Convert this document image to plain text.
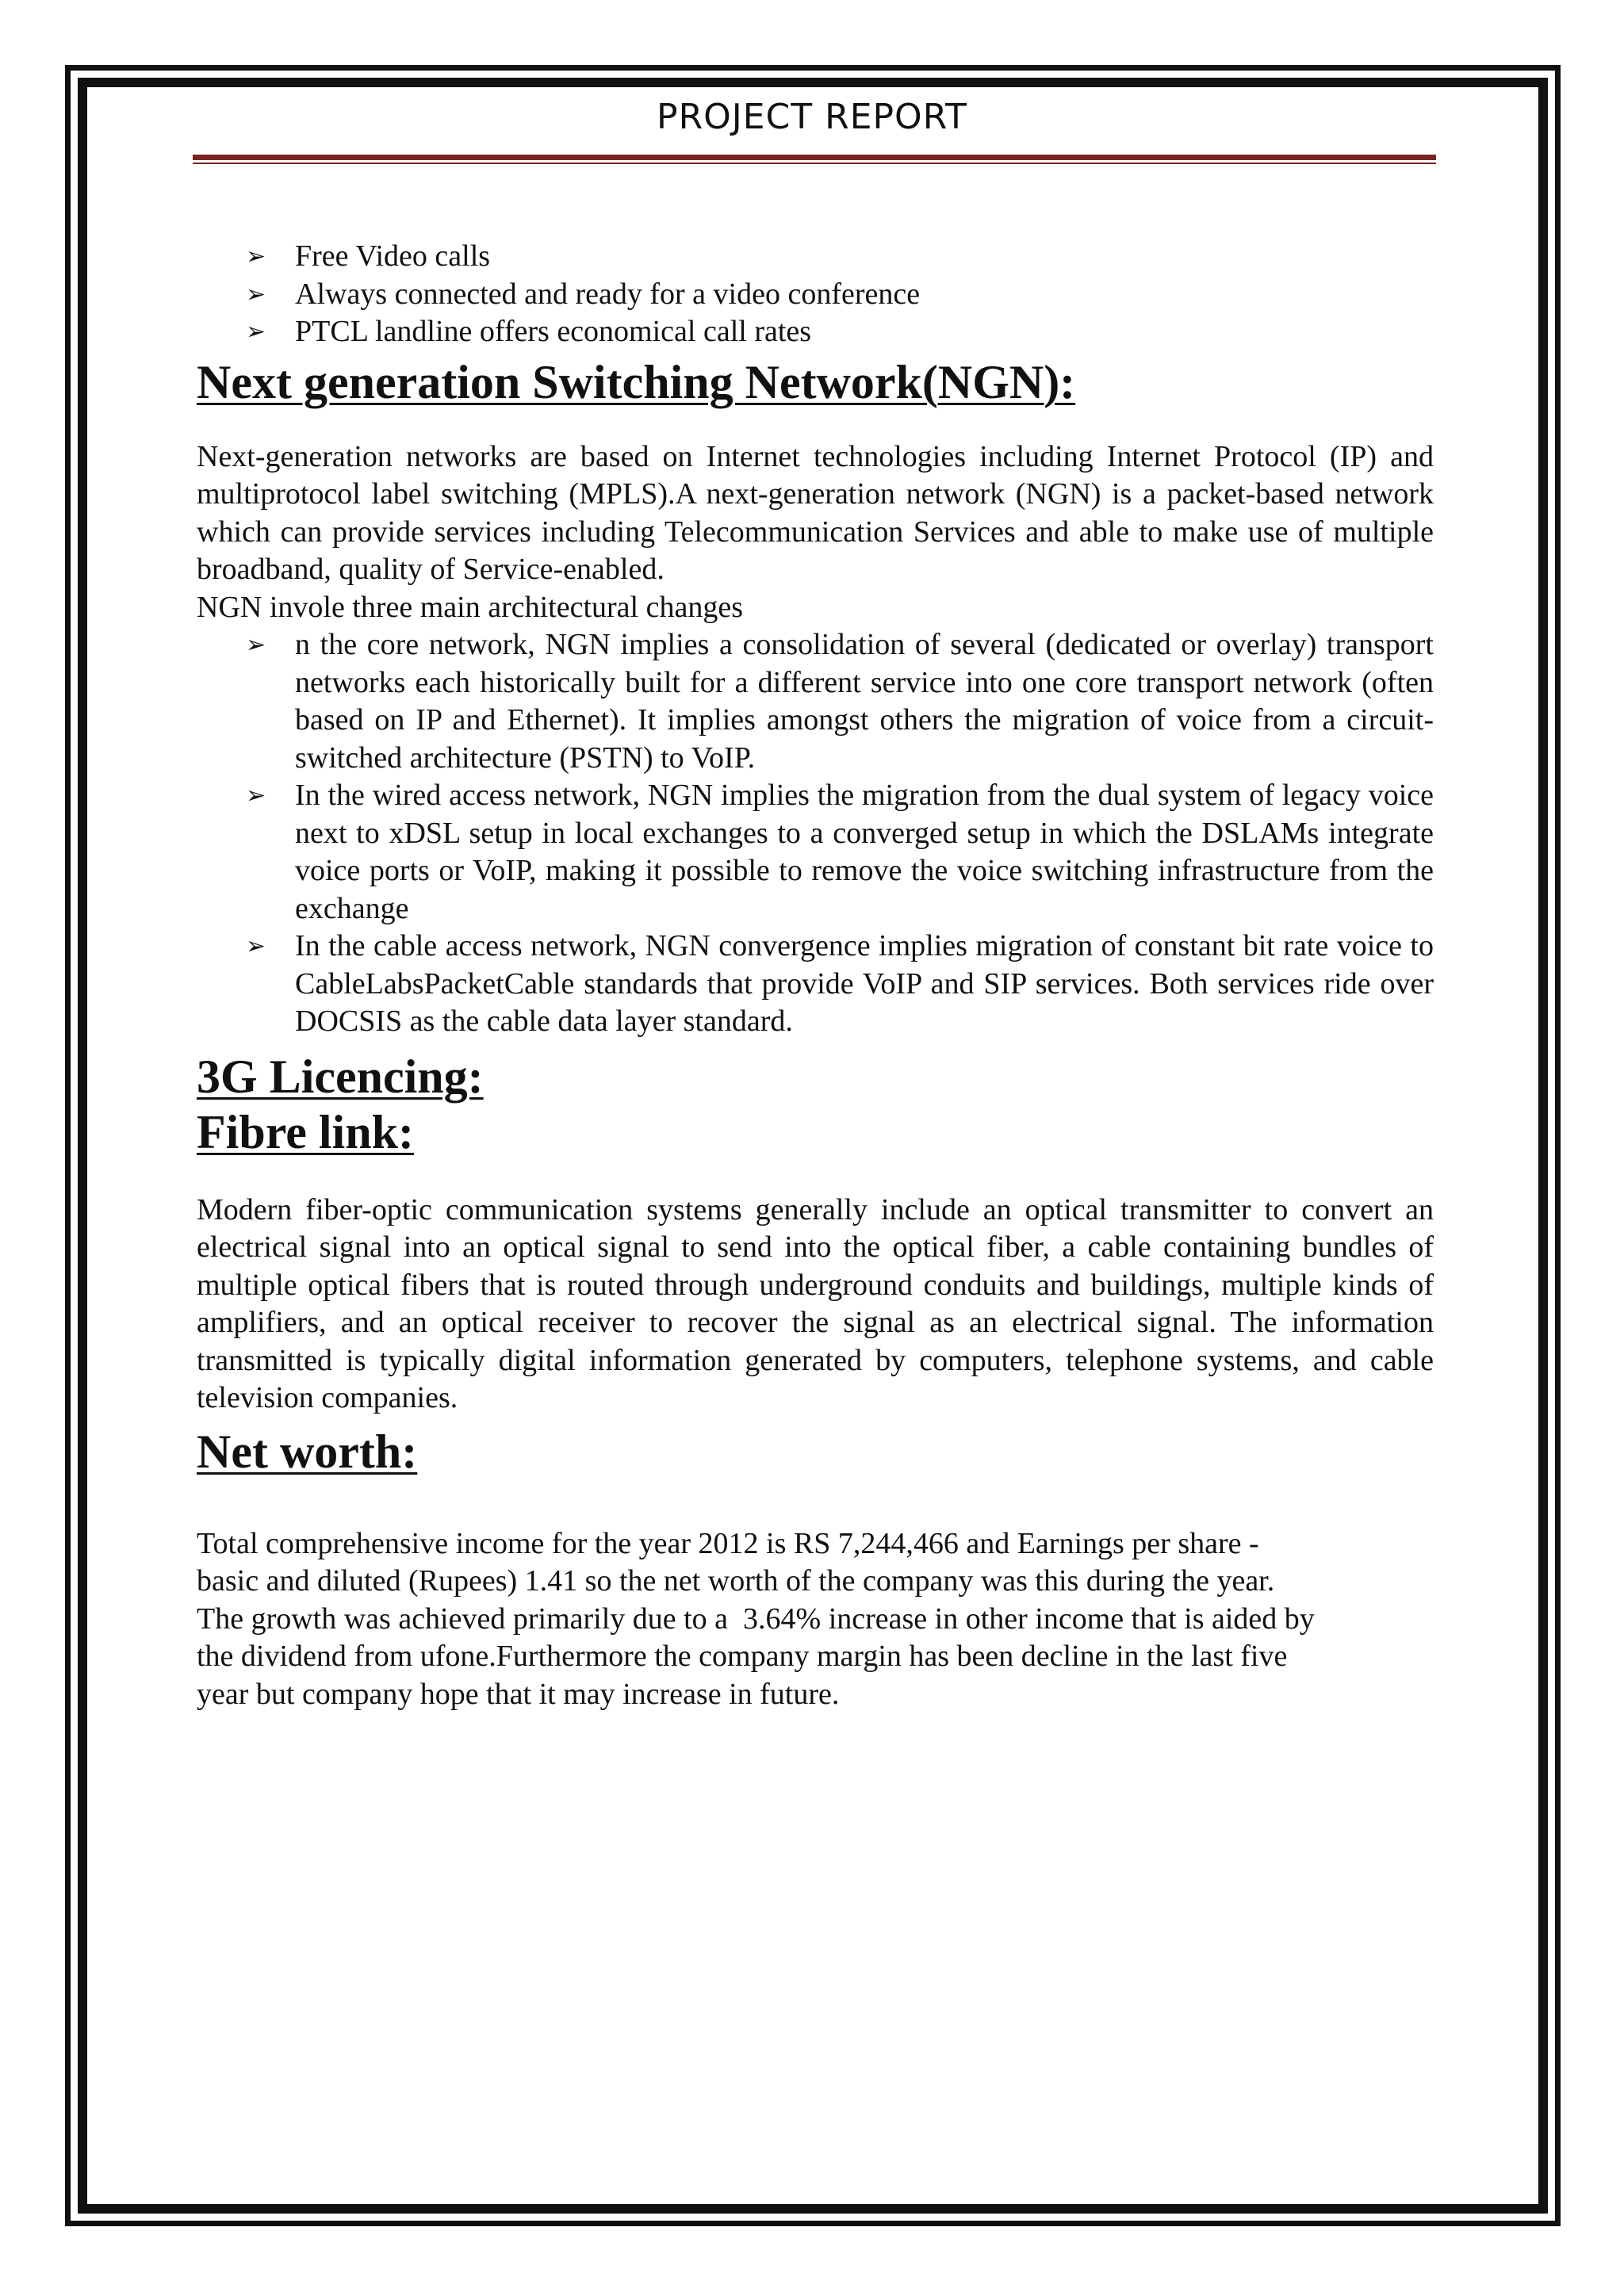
PROJECT REPORT
➢ Free Video calls
➢ Always connected and ready for a video conference
➢ PTCL landline offers economical call rates
Next generation Switching Network(NGN):

Next-generation networks are based on Internet technologies including Internet Protocol (IP) and multiprotocol label switching (MPLS).A next-generation network (NGN) is a packet-based network which can provide services including Telecommunication Services and able to make use of multiple broadband, quality of Service-enabled.

NGN invole three main architectural changes

➢ n the core network, NGN implies a consolidation of several (dedicated or overlay) transport networks each historically built for a different service into one core transport network (often based on IP and Ethernet). It implies amongst others the migration of voice from a circuit-switched architecture (PSTN) to VoIP.
➢ In the wired access network, NGN implies the migration from the dual system of legacy voice next to xDSL setup in local exchanges to a converged setup in which the DSLAMs integrate voice ports or VoIP, making it possible to remove the voice switching infrastructure from the exchange
➢ In the cable access network, NGN convergence implies migration of constant bit rate voice to CableLabsPacketCable standards that provide VoIP and SIP services. Both services ride over DOCSIS as the cable data layer standard.
3G Licencing:
Fibre link:

Modern fiber-optic communication systems generally include an optical transmitter to convert an electrical signal into an optical signal to send into the optical fiber, a cable containing bundles of multiple optical fibers that is routed through underground conduits and buildings, multiple kinds of amplifiers, and an optical receiver to recover the signal as an electrical signal. The information transmitted is typically digital information generated by computers, telephone systems, and cable television companies.

Net worth:
Total comprehensive income for the year 2012 is RS 7,244,466 and Earnings per share -
basic and diluted (Rupees) 1.41 so the net worth of the company was this during the year.
The growth was achieved primarily due to a  3.64% increase in other income that is aided by
the dividend from ufone.Furthermore the company margin has been decline in the last five
year but company hope that it may increase in future.
